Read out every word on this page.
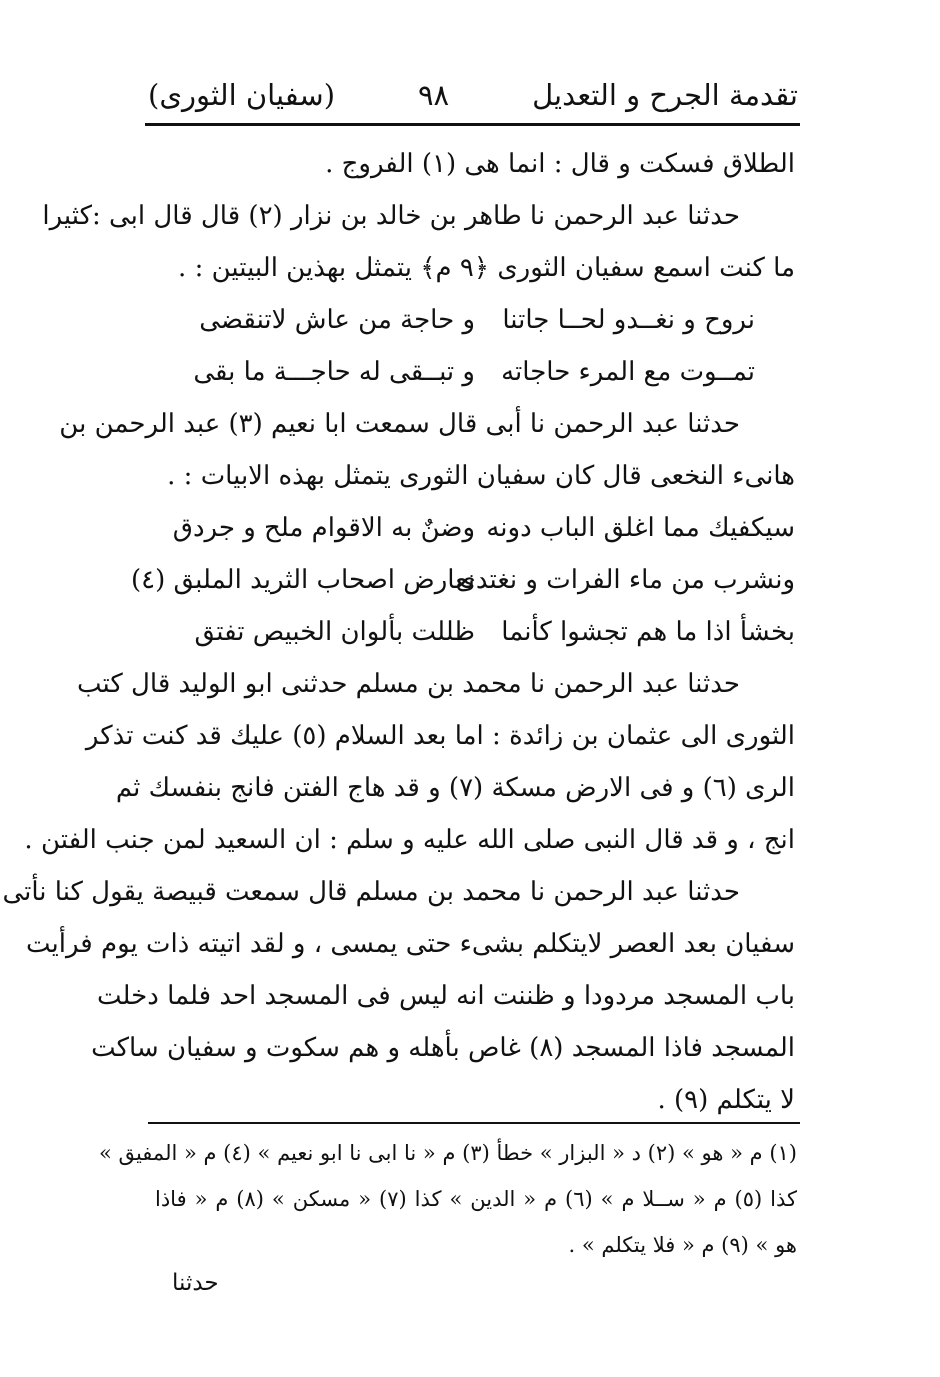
تقدمة الجرح و التعديل
٩٨
(سفيان الثورى)
الطلاق فسكت و قال : انما هى (١) الفروج .
حدثنا عبد الرحمن نا طاهر بن خالد بن نزار (٢) قال قال ابى :كثيرا
ما كنت اسمع سفيان الثورى ﴿٩ م﴾ يتمثل بهذين البيتين : .
نروح و نغــدو لحــا جاتنا
و حاجة من عاش لاتنقضى
تمــوت مع المرء حاجاته
و تبــقى له حاجـــة ما بقى
حدثنا عبد الرحمن نا أبى قال سمعت ابا نعيم (٣) عبد الرحمن بن
هانىء النخعى قال كان سفيان الثورى يتمثل بهذه الابيات : .
سيكفيك مما اغلق الباب دونه
وضنٌ به الاقوام ملح و جردق
ونشرب من ماء الفرات و نغتدى
نعارض اصحاب الثريد الملبق (٤)
بخشأ اذا ما هم تجشوا كأنما
ظللت بألوان الخبيص تفتق
حدثنا عبد الرحمن نا محمد بن مسلم حدثنى ابو الوليد قال كتب
الثورى الى عثمان بن زائدة : اما بعد السلام (٥) عليك قد كنت تذكر
الرى (٦) و فى الارض مسكة (٧) و قد هاج الفتن فانج بنفسك ثم
انج ، و قد قال النبى صلى الله عليه و سلم : ان السعيد لمن جنب الفتن .
حدثنا عبد الرحمن نا محمد بن مسلم قال سمعت قبيصة يقول كنا نأتى
سفيان بعد العصر لايتكلم بشىء حتى يمسى ، و لقد اتيته ذات يوم فرأيت
باب المسجد مردودا و ظننت انه ليس فى المسجد احد فلما دخلت
المسجد فاذا المسجد (٨) غاص بأهله و هم سكوت و سفيان ساكت
لا يتكلم (٩) .
(١) م « هو » (٢) د « البزار » خطأ (٣) م « نا ابى نا ابو نعيم » (٤) م « المفيق »
كذا (٥) م « ســلا م » (٦) م « الدين » كذا (٧) « مسكن » (٨) م « فاذا
هو » (٩) م « فلا يتكلم » .
حدثنا
